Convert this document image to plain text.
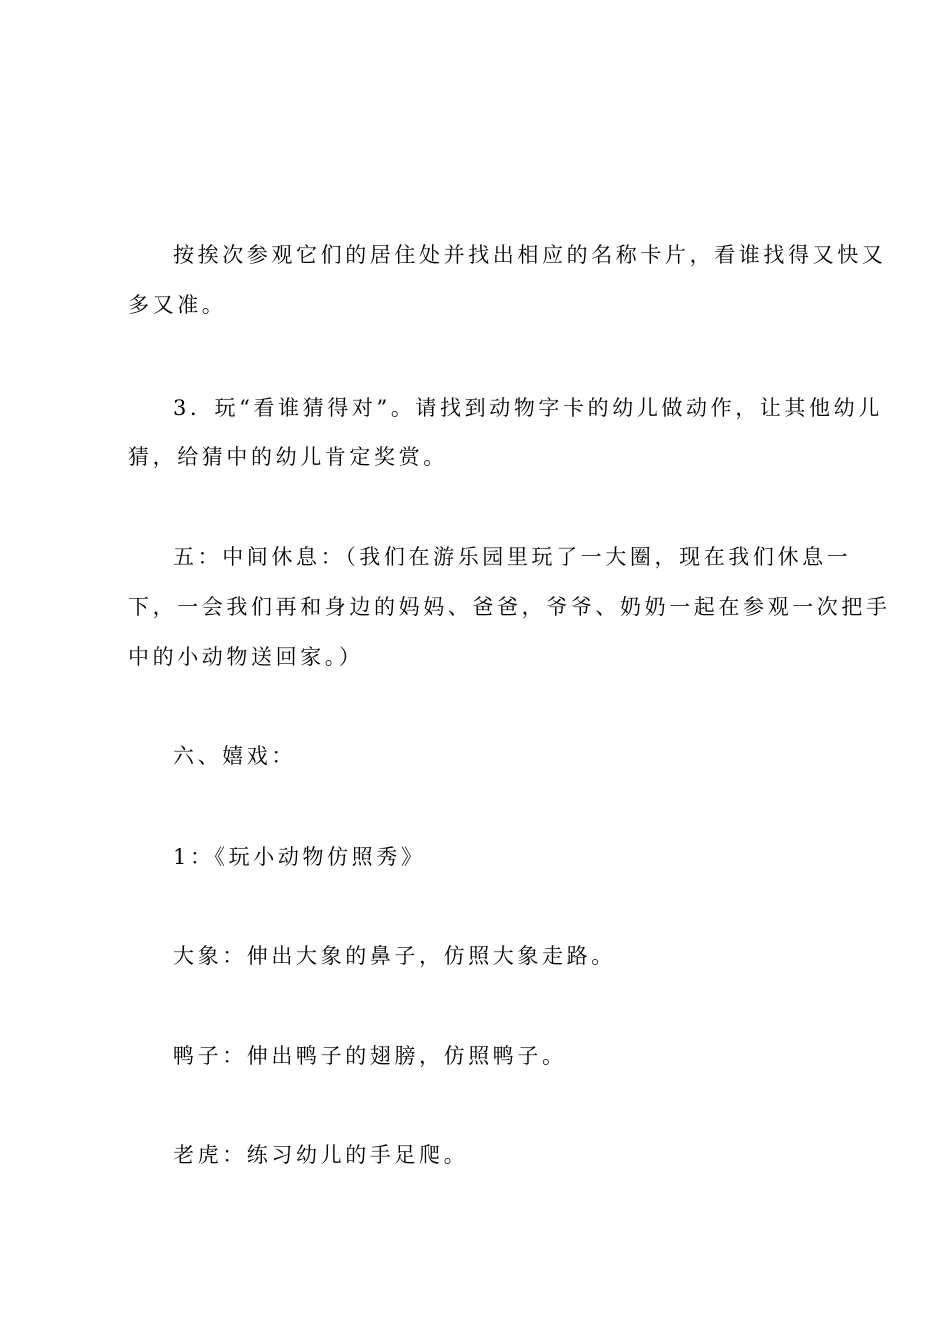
按挨次参观它们的居住处并找出相应的名称卡片，看谁找得又快又
多又准。
3．玩“看谁猜得对”。请找到动物字卡的幼儿做动作，让其他幼儿
猜，给猜中的幼儿肯定奖赏。
五：中间休息：（我们在游乐园里玩了一大圈，现在我们休息一
下，一会我们再和身边的妈妈、爸爸，爷爷、奶奶一起在参观一次把手
中的小动物送回家。）
六、嬉戏：
1：《玩小动物仿照秀》
大象：伸出大象的鼻子，仿照大象走路。
鸭子：伸出鸭子的翅膀，仿照鸭子。
老虎：练习幼儿的手足爬。
